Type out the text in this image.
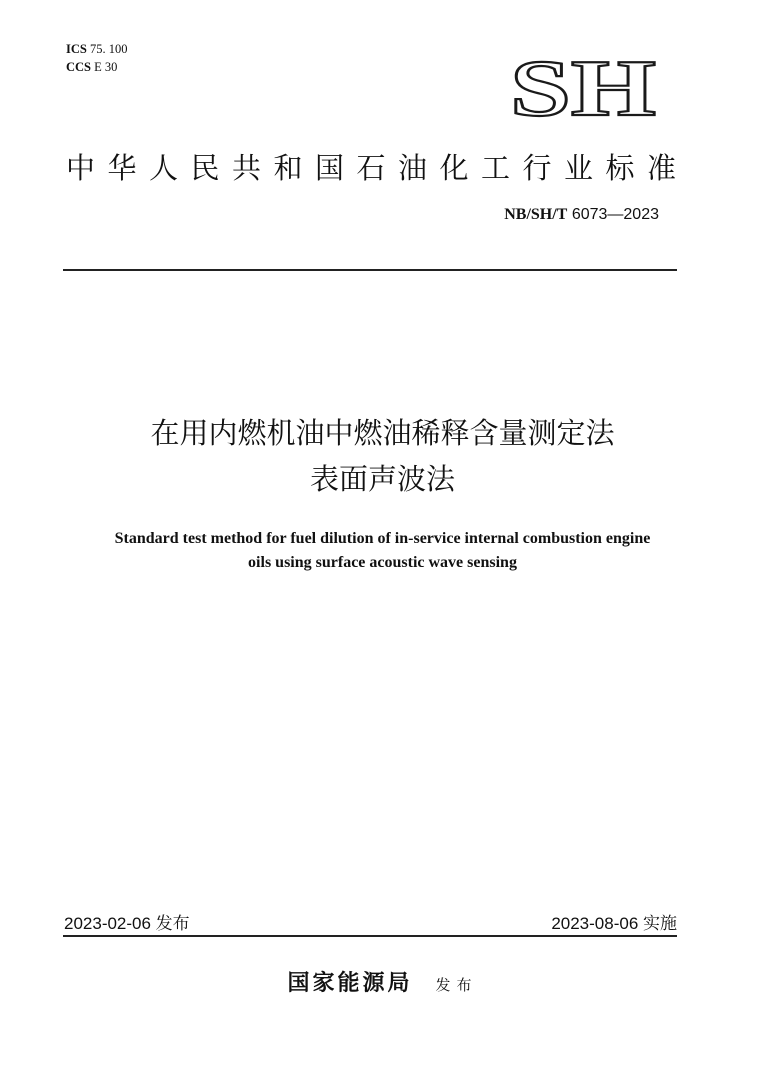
ICS 75. 100
CCS E 30	SH
中华人民共和国石油化工行业标准
NB/SH/T 6073—2023
在用内燃机油中燃油稀释含量测定法
表面声波法
Standard test method for fuel dilution of in-service internal combustion engine
oils using surface acoustic wave sensing
2023-02-06 发布	2023-08-06 实施
国家能源局 发布
